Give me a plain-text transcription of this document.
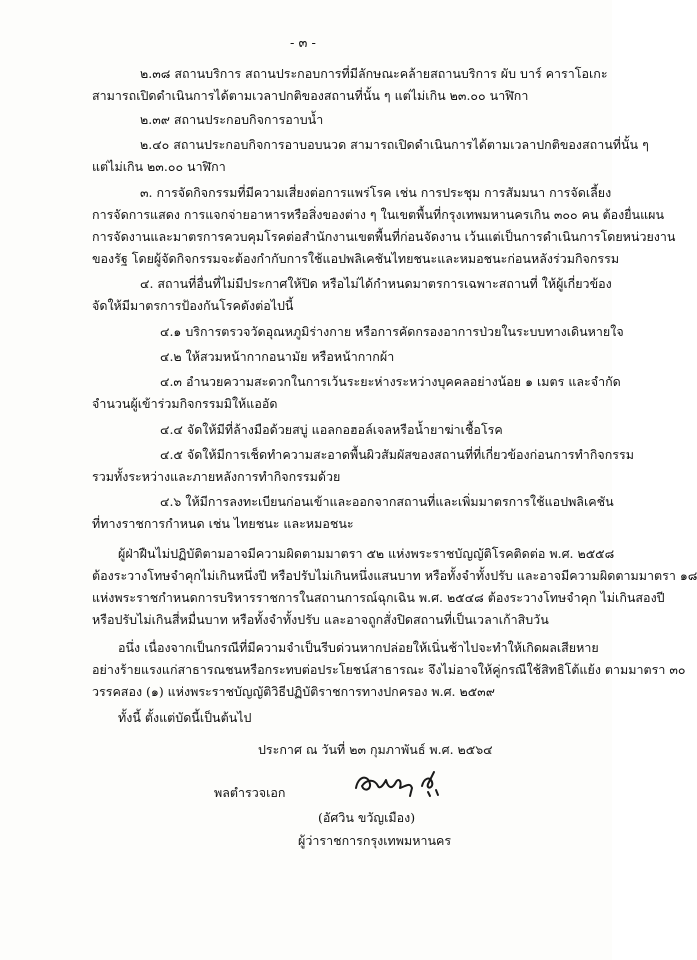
- ๓ -
๒.๓๘ สถานบริการ สถานประกอบการที่มีลักษณะคล้ายสถานบริการ ผับ บาร์ คาราโอเกะ
สามารถเปิดดำเนินการได้ตามเวลาปกติของสถานที่นั้น ๆ แต่ไม่เกิน ๒๓.๐๐ นาฬิกา
๒.๓๙ สถานประกอบกิจการอาบน้ำ
๒.๔๐ สถานประกอบกิจการอาบอบนวด สามารถเปิดดำเนินการได้ตามเวลาปกติของสถานที่นั้น ๆ
แต่ไม่เกิน ๒๓.๐๐ นาฬิกา
๓. การจัดกิจกรรมที่มีความเสี่ยงต่อการแพร่โรค เช่น การประชุม การสัมมนา การจัดเลี้ยง
การจัดการแสดง การแจกจ่ายอาหารหรือสิ่งของต่าง ๆ ในเขตพื้นที่กรุงเทพมหานครเกิน ๓๐๐ คน ต้องยื่นแผน
การจัดงานและมาตรการควบคุมโรคต่อสำนักงานเขตพื้นที่ก่อนจัดงาน เว้นแต่เป็นการดำเนินการโดยหน่วยงาน
ของรัฐ โดยผู้จัดกิจกรรมจะต้องกำกับการใช้แอปพลิเคชันไทยชนะและหมอชนะก่อนหลังร่วมกิจกรรม
๔. สถานที่อื่นที่ไม่มีประกาศให้ปิด หรือไม่ได้กำหนดมาตรการเฉพาะสถานที่ ให้ผู้เกี่ยวข้อง
จัดให้มีมาตรการป้องกันโรคดังต่อไปนี้
๔.๑ บริการตรวจวัดอุณหภูมิร่างกาย หรือการคัดกรองอาการป่วยในระบบทางเดินหายใจ
๔.๒ ให้สวมหน้ากากอนามัย หรือหน้ากากผ้า
๔.๓ อำนวยความสะดวกในการเว้นระยะห่างระหว่างบุคคลอย่างน้อย ๑ เมตร และจำกัด
จำนวนผู้เข้าร่วมกิจกรรมมิให้แออัด
๔.๔ จัดให้มีที่ล้างมือด้วยสบู่ แอลกอฮอล์เจลหรือน้ำยาฆ่าเชื้อโรค
๔.๕ จัดให้มีการเช็ดทำความสะอาดพื้นผิวสัมผัสของสถานที่ที่เกี่ยวข้องก่อนการทำกิจกรรม
รวมทั้งระหว่างและภายหลังการทำกิจกรรมด้วย
๔.๖ ให้มีการลงทะเบียนก่อนเข้าและออกจากสถานที่และเพิ่มมาตรการใช้แอปพลิเคชัน
ที่ทางราชการกำหนด เช่น ไทยชนะ และหมอชนะ
ผู้ฝ่าฝืนไม่ปฏิบัติตามอาจมีความผิดตามมาตรา ๕๒ แห่งพระราชบัญญัติโรคติดต่อ พ.ศ. ๒๕๕๘
ต้องระวางโทษจำคุกไม่เกินหนึ่งปี หรือปรับไม่เกินหนึ่งแสนบาท หรือทั้งจำทั้งปรับ และอาจมีความผิดตามมาตรา ๑๘
แห่งพระราชกำหนดการบริหารราชการในสถานการณ์ฉุกเฉิน พ.ศ. ๒๕๔๘ ต้องระวางโทษจำคุก ไม่เกินสองปี
หรือปรับไม่เกินสี่หมื่นบาท หรือทั้งจำทั้งปรับ และอาจถูกสั่งปิดสถานที่เป็นเวลาเก้าสิบวัน
อนึ่ง เนื่องจากเป็นกรณีที่มีความจำเป็นรีบด่วนหากปล่อยให้เนิ่นช้าไปจะทำให้เกิดผลเสียหาย
อย่างร้ายแรงแก่สาธารณชนหรือกระทบต่อประโยชน์สาธารณะ จึงไม่อาจให้คู่กรณีใช้สิทธิโต้แย้ง ตามมาตรา ๓๐
วรรคสอง (๑) แห่งพระราชบัญญัติวิธีปฏิบัติราชการทางปกครอง พ.ศ. ๒๕๓๙
ทั้งนี้ ตั้งแต่บัดนี้เป็นต้นไป
ประกาศ ณ วันที่ ๒๓ กุมภาพันธ์ พ.ศ. ๒๕๖๔
พลตำรวจเอก
(อัศวิน ขวัญเมือง)
ผู้ว่าราชการกรุงเทพมหานคร
